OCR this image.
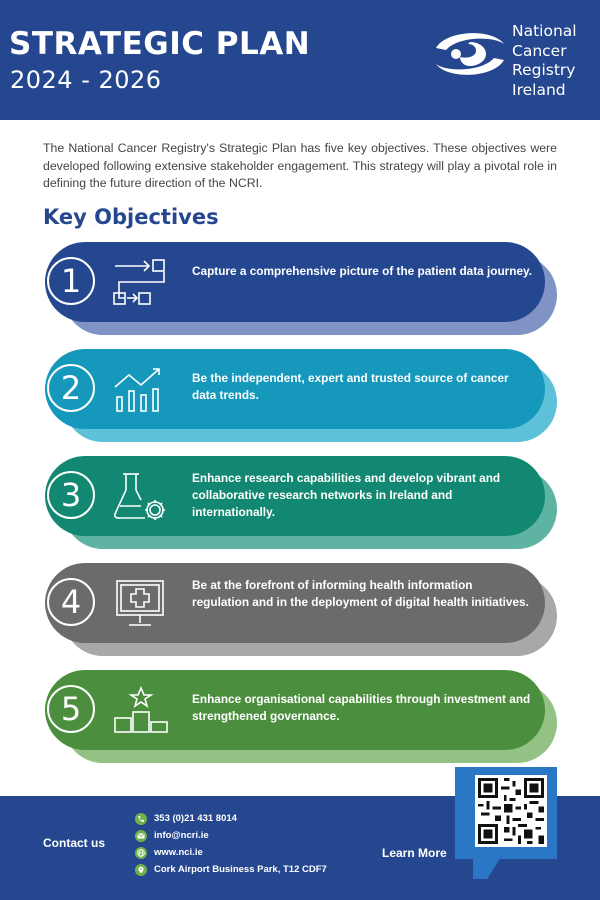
STRATEGIC PLAN
2024 - 2026
National
Cancer
Registry
Ireland

The National Cancer Registry's Strategic Plan has five key objectives. These objectives were developed following extensive stakeholder engagement. This strategy will play a pivotal role in defining the future direction of the NCRI.

Key Objectives
1	Capture a comprehensive picture of the patient data journey.
2	Be the independent, expert and trusted source of cancer data trends.
3	Enhance research capabilities and develop vibrant and collaborative research networks in Ireland and internationally.
4	Be at the forefront of informing health information regulation and in the deployment of digital health initiatives.
5	Enhance organisational capabilities through investment and strengthened governance.
Contact us
353 (0)21 431 8014
info@ncri.ie
www.nci.ie
Cork Airport Business Park, T12 CDF7
Learn More
